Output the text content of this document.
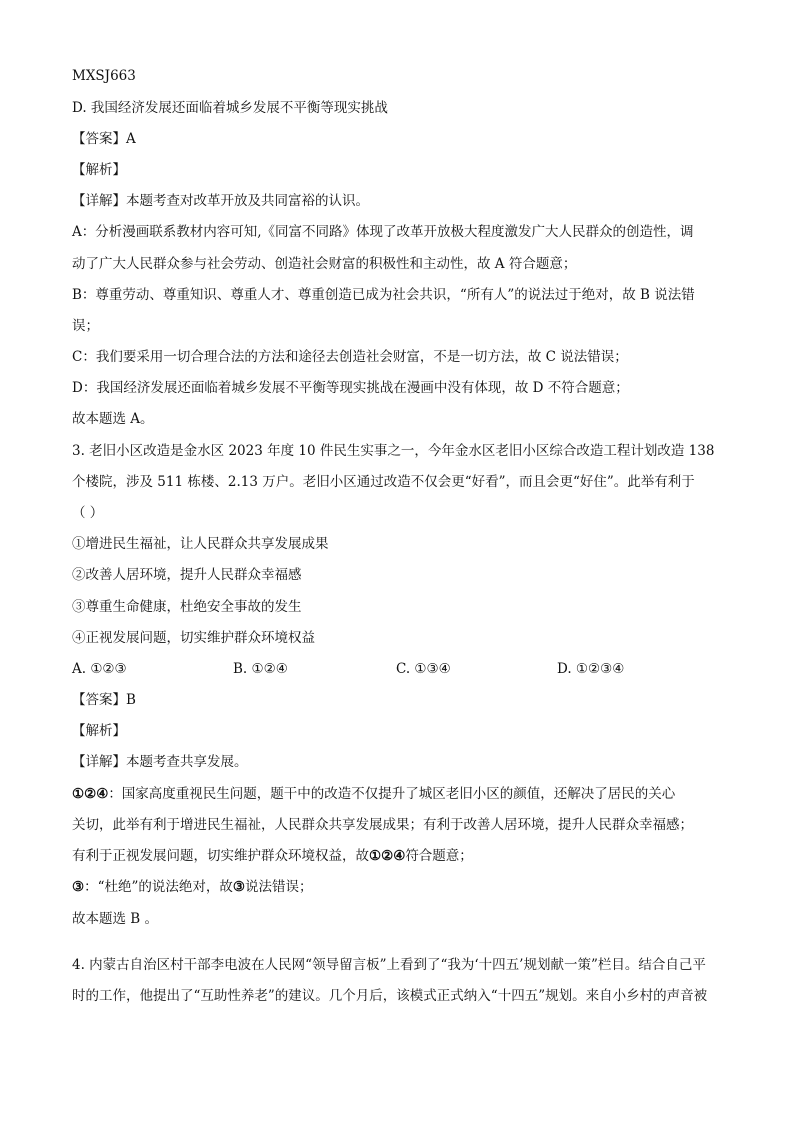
MXSJ663
D. 我国经济发展还面临着城乡发展不平衡等现实挑战
【答案】A
【解析】
【详解】本题考查对改革开放及共同富裕的认识。
A：分析漫画联系教材内容可知,《同富不同路》体现了改革开放极大程度激发广大人民群众的创造性，调
动了广大人民群众参与社会劳动、创造社会财富的积极性和主动性，故 A 符合题意；
B：尊重劳动、尊重知识、尊重人才、尊重创造已成为社会共识，“所有人”的说法过于绝对，故 B 说法错
误；
C：我们要采用一切合理合法的方法和途径去创造社会财富，不是一切方法，故 C 说法错误；
D：我国经济发展还面临着城乡发展不平衡等现实挑战在漫画中没有体现，故 D 不符合题意；
故本题选 A。
3. 老旧小区改造是金水区 2023 年度 10 件民生实事之一，今年金水区老旧小区综合改造工程计划改造 138
个楼院，涉及 511 栋楼、2.13 万户。老旧小区通过改造不仅会更“好看”，而且会更“好住”。此举有利于
（ ）
①增进民生福祉，让人民群众共享发展成果
②改善人居环境，提升人民群众幸福感
③尊重生命健康，杜绝安全事故的发生
④正视发展问题，切实维护群众环境权益
A. ①②③	B. ①②④	C. ①③④	D. ①②③④
【答案】B
【解析】
【详解】本题考查共享发展。
①②④：国家高度重视民生问题，题干中的改造不仅提升了城区老旧小区的颜值，还解决了居民的关心
关切，此举有利于增进民生福祉，人民群众共享发展成果；有利于改善人居环境，提升人民群众幸福感；
有利于正视发展问题，切实维护群众环境权益，故①②④符合题意；
③：“杜绝”的说法绝对，故③说法错误；
故本题选 B 。
4. 内蒙古自治区村干部李电波在人民网“领导留言板”上看到了“我为‘十四五’规划献一策”栏目。结合自己平
时的工作，他提出了“互助性养老”的建议。几个月后，该模式正式纳入“十四五”规划。来自小乡村的声音被
